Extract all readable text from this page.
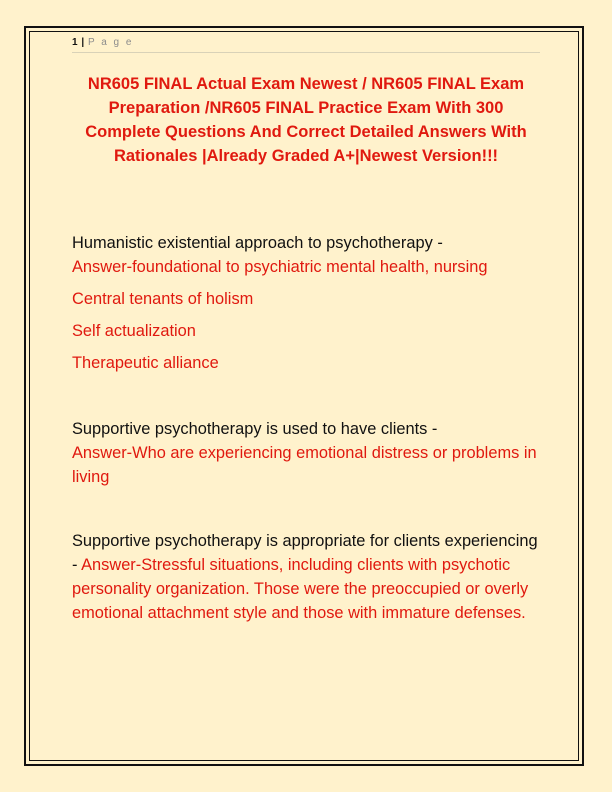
1 | P a g e
NR605 FINAL Actual Exam Newest / NR605 FINAL Exam Preparation /NR605 FINAL Practice Exam With 300 Complete Questions And Correct Detailed Answers With Rationales |Already Graded A+|Newest Version!!!

Humanistic existential approach to psychotherapy -
Answer-foundational to psychiatric mental health, nursing

Central tenants of holism

Self actualization

Therapeutic alliance

Supportive psychotherapy is used to have clients -
Answer-Who are experiencing emotional distress or problems in living

Supportive psychotherapy is appropriate for clients experiencing - Answer-Stressful situations, including clients with psychotic personality organization. Those were the preoccupied or overly emotional attachment style and those with immature defenses.
